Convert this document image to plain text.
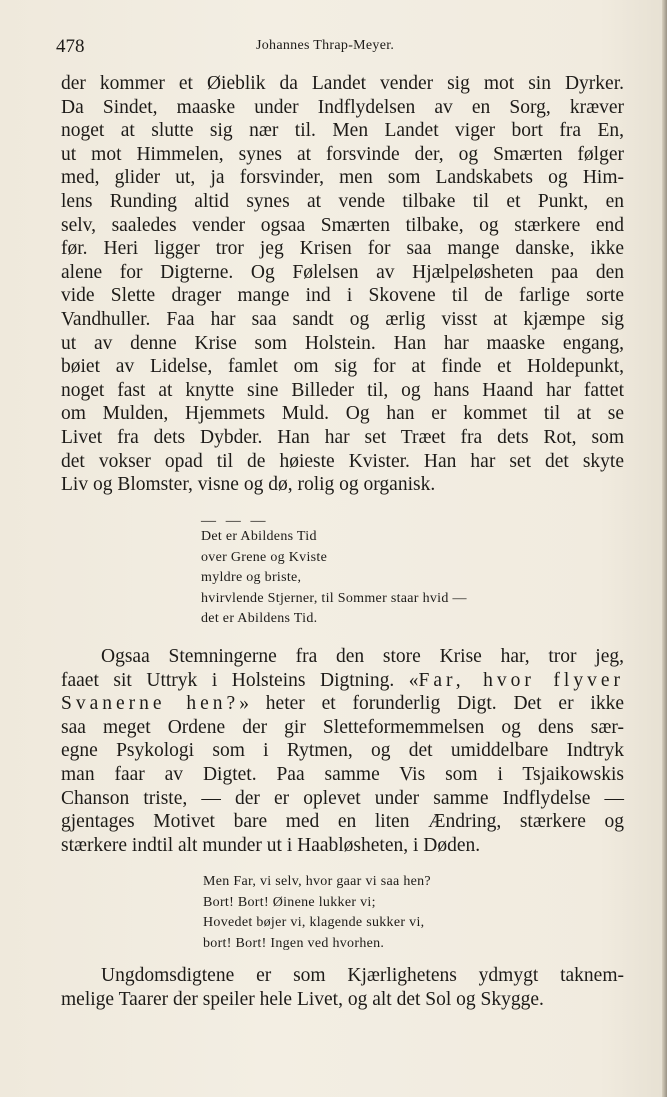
478	Johannes Thrap-Meyer.
der kommer et Øieblik da Landet vender sig mot sin Dyrker.
Da Sindet, maaske under Indflydelsen av en Sorg, kræver
noget at slutte sig nær til. Men Landet viger bort fra En,
ut mot Himmelen, synes at forsvinde der, og Smærten følger
med, glider ut, ja forsvinder, men som Landskabets og Him-
lens Runding altid synes at vende tilbake til et Punkt, en
selv, saaledes vender ogsaa Smærten tilbake, og stærkere end
før. Heri ligger tror jeg Krisen for saa mange danske, ikke
alene for Digterne. Og Følelsen av Hjælpeløsheten paa den
vide Slette drager mange ind i Skovene til de farlige sorte
Vandhuller. Faa har saa sandt og ærlig visst at kjæmpe sig
ut av denne Krise som Holstein. Han har maaske engang,
bøiet av Lidelse, famlet om sig for at finde et Holdepunkt,
noget fast at knytte sine Billeder til, og hans Haand har fattet
om Mulden, Hjemmets Muld. Og han er kommet til at se
Livet fra dets Dybder. Han har set Træet fra dets Rot, som
det vokser opad til de høieste Kvister. Han har set det skyte
Liv og Blomster, visne og dø, rolig og organisk.
— — —
Det er Abildens Tid
over Grene og Kviste
myldre og briste,
hvirvlende Stjerner, til Sommer staar hvid —
det er Abildens Tid.
Ogsaa Stemningerne fra den store Krise har, tror jeg,
faaet sit Uttryk i Holsteins Digtning. «Far, hvor flyver
Svanerne hen?» heter et forunderlig Digt. Det er ikke
saa meget Ordene der gir Sletteformemmelsen og dens sær-
egne Psykologi som i Rytmen, og det umiddelbare Indtryk
man faar av Digtet. Paa samme Vis som i Tsjaikowskis
Chanson triste, — der er oplevet under samme Indflydelse —
gjentages Motivet bare med en liten Ændring, stærkere og
stærkere indtil alt munder ut i Haabløsheten, i Døden.
Men Far, vi selv, hvor gaar vi saa hen?
Bort! Bort! Øinene lukker vi;
Hovedet bøjer vi, klagende sukker vi,
bort! Bort! Ingen ved hvorhen.
Ungdomsdigtene er som Kjærlighetens ydmygt taknem-
melige Taarer der speiler hele Livet, og alt det Sol og Skygge.
